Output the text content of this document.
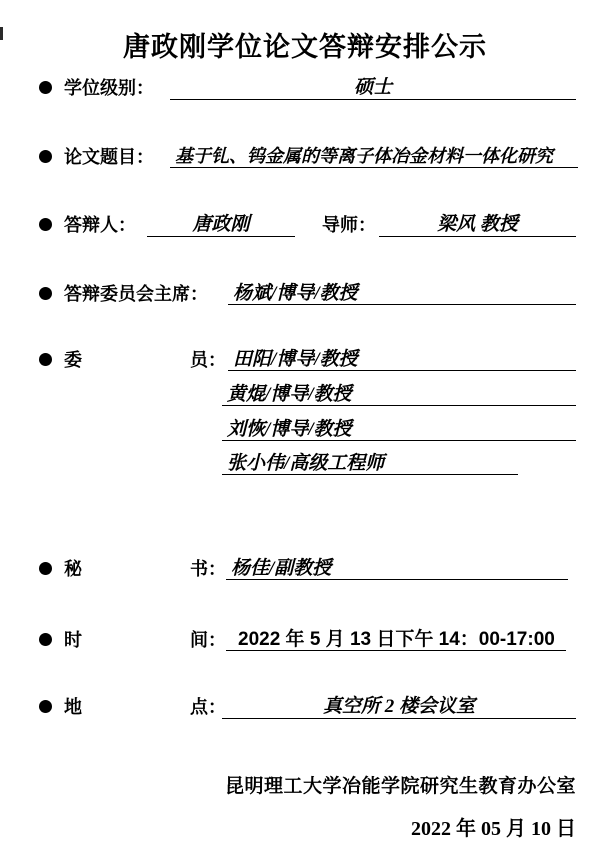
唐政刚学位论文答辩安排公示
学位级别：	硕士
论文题目： 基于钆、钨金属的等离子体冶金材料一体化研究
答辩人：	唐政刚	导师：	梁风 教授
答辩委员会主席： 杨斌/博导/教授
委	员 ： 田阳/博导/教授
黄焜/博导/教授
刘恢/博导/教授
张小伟/高级工程师
秘	书 ： 杨佳/副教授
时	间 ： 2022 年 5 月 13 日下午 14：00-17:00
地	点 ：	真空所 2 楼会议室
昆明理工大学冶能学院研究生教育办公室
2022 年 05 月 10 日
